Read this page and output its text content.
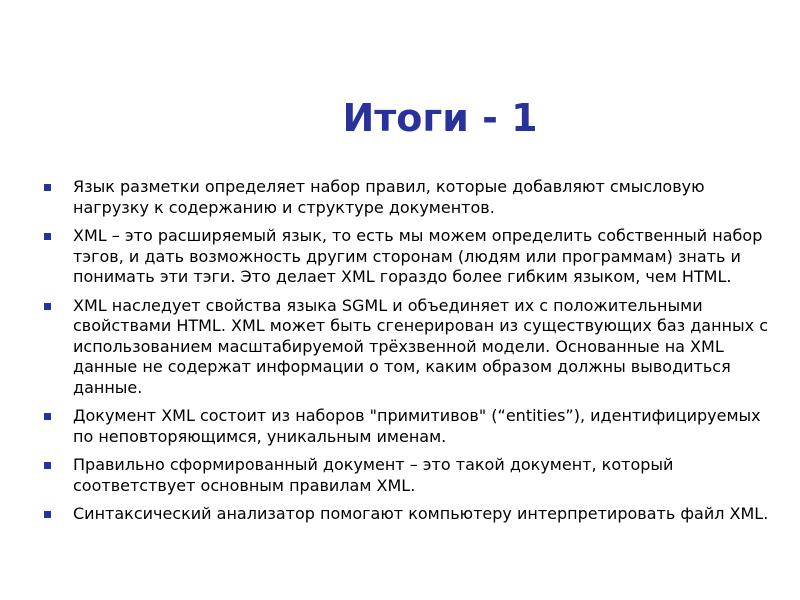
Итоги - 1
Язык разметки определяет набор правил, которые добавляют смысловую нагрузку к содержанию и структуре документов.
XML – это расширяемый язык, то есть мы можем определить собственный набор тэгов, и дать возможность другим сторонам (людям или программам) знать и понимать эти тэги. Это делает XML гораздо более гибким языком, чем HTML.
XML наследует свойства языка SGML и объединяет их с положительными свойствами HTML. XML может быть сгенерирован из существующих баз данных с использованием масштабируемой трёхзвенной модели. Основанные на XML данные не содержат информации о том, каким образом должны выводиться данные.
Документ XML состоит из наборов "примитивов" (“entities”), идентифицируемых по неповторяющимся, уникальным именам.
Правильно сформированный документ – это такой документ, который соответствует основным правилам XML.
Синтаксический анализатор помогают компьютеру интерпретировать файл XML.
